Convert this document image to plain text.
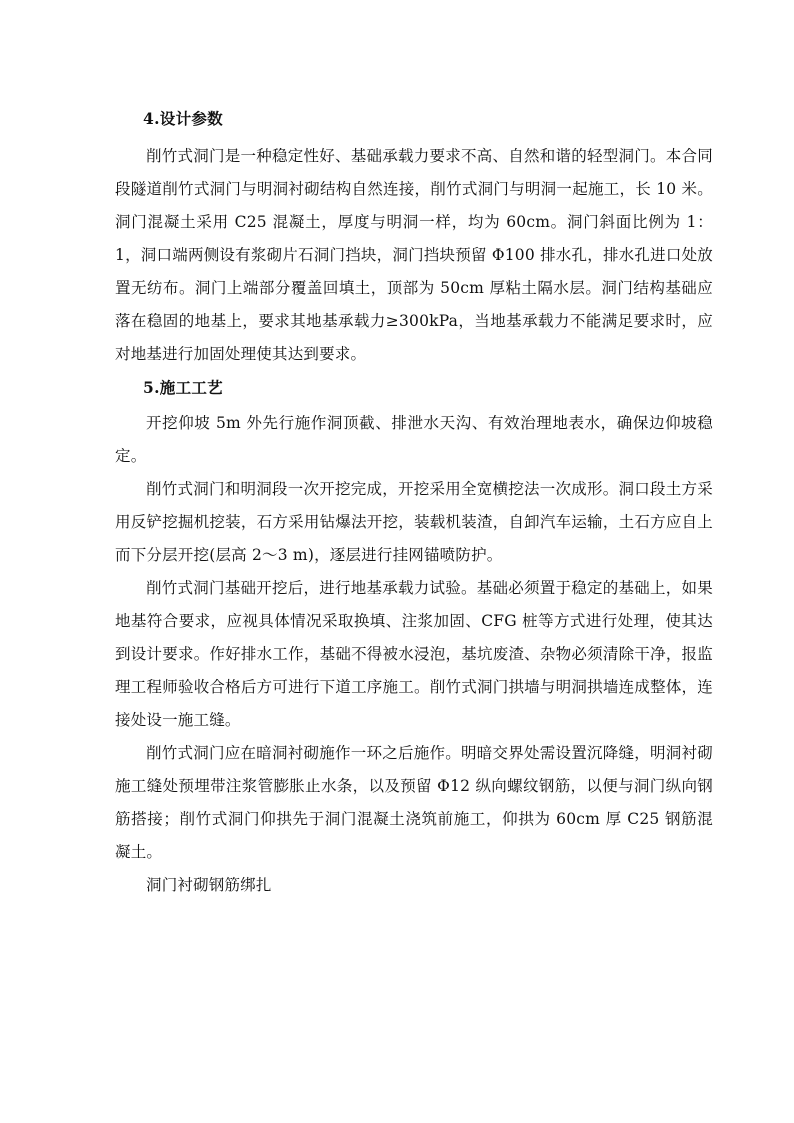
4.设计参数

削竹式洞门是一种稳定性好、基础承载力要求不高、自然和谐的轻型洞门。本合同段隧道削竹式洞门与明洞衬砌结构自然连接，削竹式洞门与明洞一起施工，长 10 米。洞门混凝土采用 C25 混凝土，厚度与明洞一样，均为 60cm。洞门斜面比例为 1：1，洞口端两侧设有浆砌片石洞门挡块，洞门挡块预留 Φ100 排水孔，排水孔进口处放置无纺布。洞门上端部分覆盖回填土，顶部为 50cm 厚粘土隔水层。洞门结构基础应落在稳固的地基上，要求其地基承载力≥300kPa，当地基承载力不能满足要求时，应对地基进行加固处理使其达到要求。

5.施工工艺

开挖仰坡 5m 外先行施作洞顶截、排泄水天沟、有效治理地表水，确保边仰坡稳定。

削竹式洞门和明洞段一次开挖完成，开挖采用全宽横挖法一次成形。洞口段土方采用反铲挖掘机挖装，石方采用钻爆法开挖，装载机装渣，自卸汽车运输，土石方应自上而下分层开挖(层高 2～3 m)，逐层进行挂网锚喷防护。

削竹式洞门基础开挖后，进行地基承载力试验。基础必须置于稳定的基础上，如果地基符合要求，应视具体情况采取换填、注浆加固、CFG 桩等方式进行处理，使其达到设计要求。作好排水工作，基础不得被水浸泡，基坑废渣、杂物必须清除干净，报监理工程师验收合格后方可进行下道工序施工。削竹式洞门拱墙与明洞拱墙连成整体，连接处设一施工缝。

削竹式洞门应在暗洞衬砌施作一环之后施作。明暗交界处需设置沉降缝，明洞衬砌施工缝处预埋带注浆管膨胀止水条，以及预留 Φ12 纵向螺纹钢筋，以便与洞门纵向钢筋搭接；削竹式洞门仰拱先于洞门混凝土浇筑前施工，仰拱为 60cm 厚 C25 钢筋混凝土。

洞门衬砌钢筋绑扎
